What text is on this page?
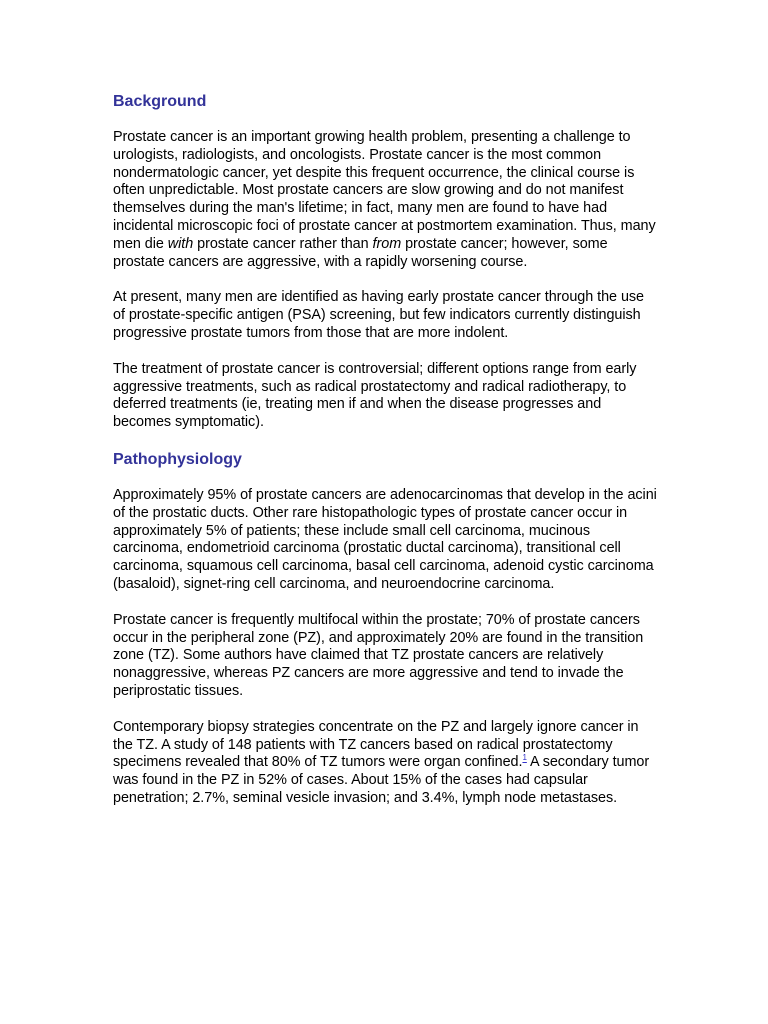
Background

Prostate cancer is an important growing health problem, presenting a challenge to urologists, radiologists, and oncologists. Prostate cancer is the most common nondermatologic cancer, yet despite this frequent occurrence, the clinical course is often unpredictable. Most prostate cancers are slow growing and do not manifest themselves during the man's lifetime; in fact, many men are found to have had incidental microscopic foci of prostate cancer at postmortem examination. Thus, many men die with prostate cancer rather than from prostate cancer; however, some prostate cancers are aggressive, with a rapidly worsening course.

At present, many men are identified as having early prostate cancer through the use of prostate-specific antigen (PSA) screening, but few indicators currently distinguish progressive prostate tumors from those that are more indolent.

The treatment of prostate cancer is controversial; different options range from early aggressive treatments, such as radical prostatectomy and radical radiotherapy, to deferred treatments (ie, treating men if and when the disease progresses and becomes symptomatic).

Pathophysiology

Approximately 95% of prostate cancers are adenocarcinomas that develop in the acini of the prostatic ducts. Other rare histopathologic types of prostate cancer occur in approximately 5% of patients; these include small cell carcinoma, mucinous carcinoma, endometrioid carcinoma (prostatic ductal carcinoma), transitional cell carcinoma, squamous cell carcinoma, basal cell carcinoma, adenoid cystic carcinoma (basaloid), signet-ring cell carcinoma, and neuroendocrine carcinoma.

Prostate cancer is frequently multifocal within the prostate; 70% of prostate cancers occur in the peripheral zone (PZ), and approximately 20% are found in the transition zone (TZ). Some authors have claimed that TZ prostate cancers are relatively nonaggressive, whereas PZ cancers are more aggressive and tend to invade the periprostatic tissues.

Contemporary biopsy strategies concentrate on the PZ and largely ignore cancer in the TZ. A study of 148 patients with TZ cancers based on radical prostatectomy specimens revealed that 80% of TZ tumors were organ confined.$^1$ A secondary tumor was found in the PZ in 52% of cases. About 15% of the cases had capsular penetration; 2.7%, seminal vesicle invasion; and 3.4%, lymph node metastases.
